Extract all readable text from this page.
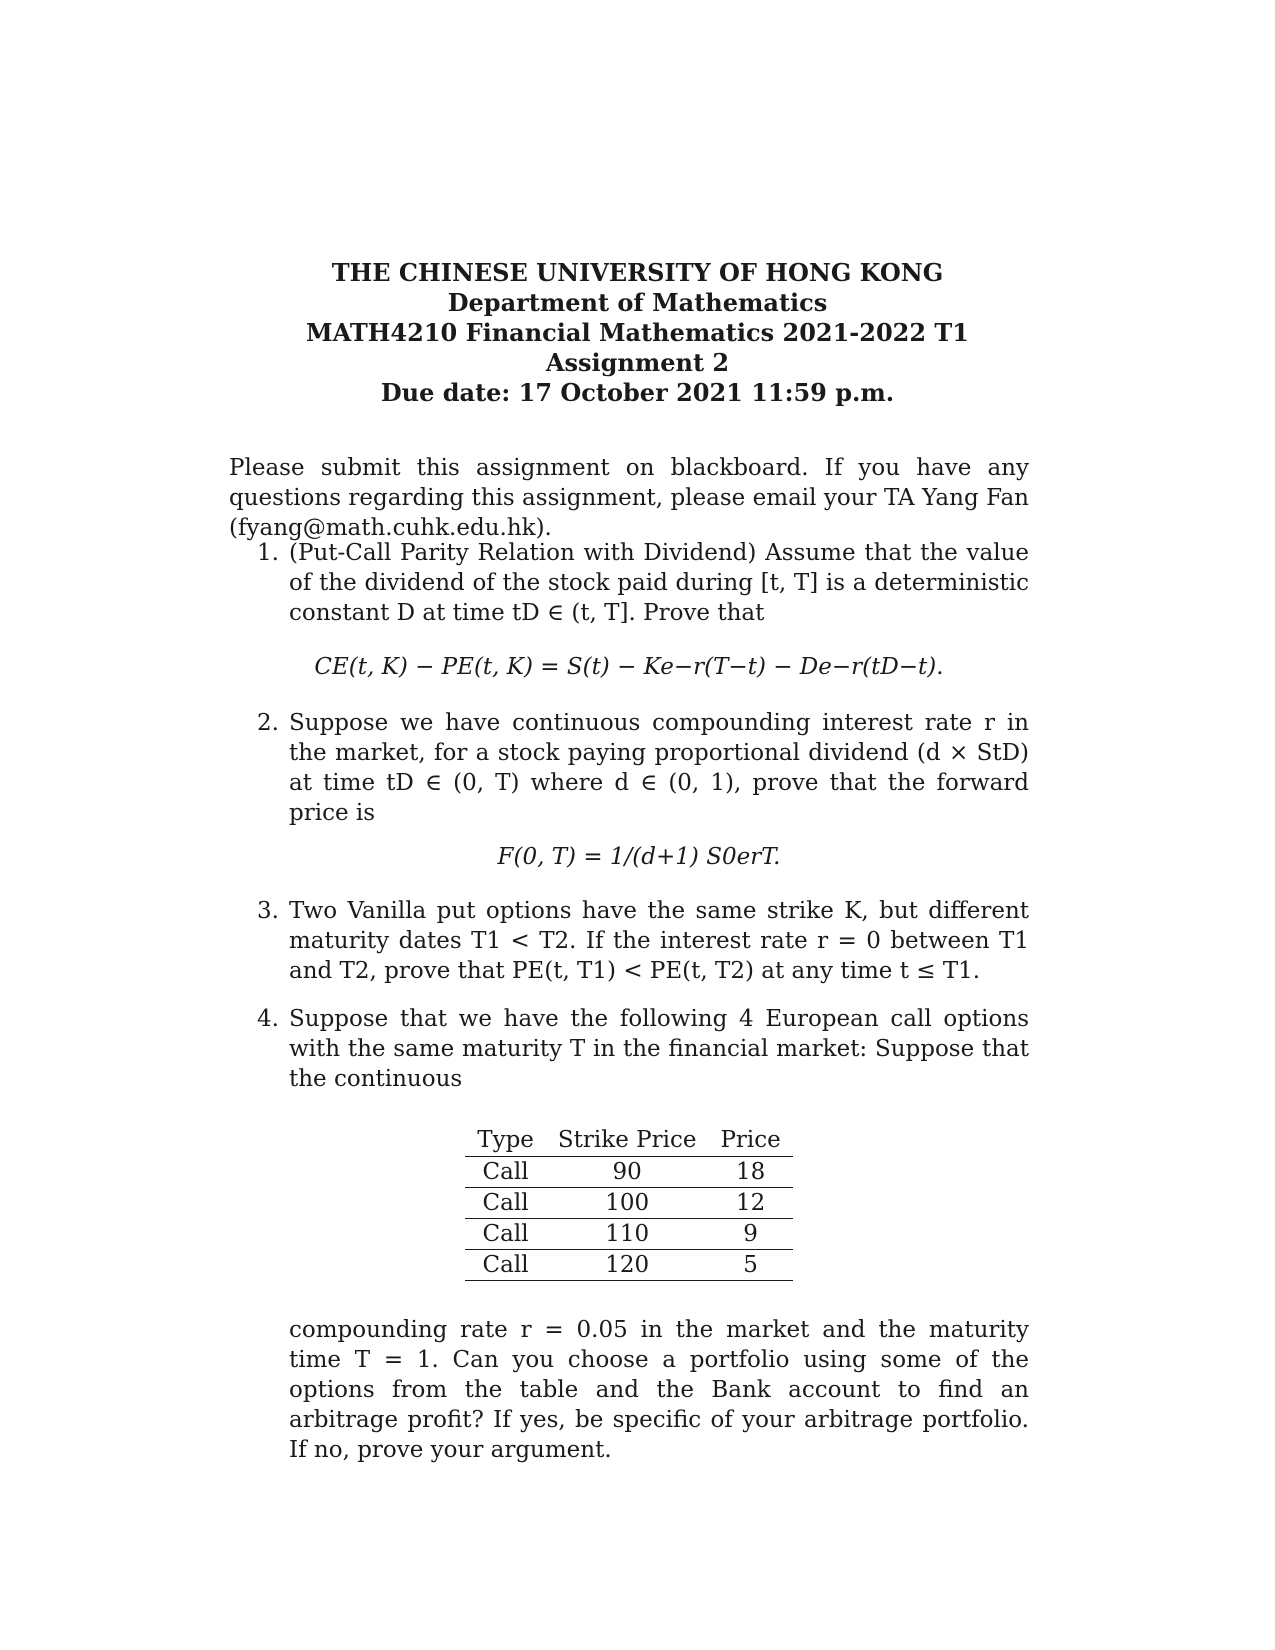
THE CHINESE UNIVERSITY OF HONG KONG
Department of Mathematics
MATH4210 Financial Mathematics 2021-2022 T1
Assignment 2
Due date: 17 October 2021 11:59 p.m.

Please submit this assignment on blackboard. If you have any questions regarding this assignment, please email your TA Yang Fan (fyang@math.cuhk.edu.hk).

1. (Put-Call Parity Relation with Dividend) Assume that the value of the dividend of the stock paid during [t, T] is a deterministic constant D at time tD ∈ (t, T]. Prove that
CE(t, K) − PE(t, K) = S(t) − Ke−r(T−t) − De−r(tD−t).
2. Suppose we have continuous compounding interest rate r in the market, for a stock paying proportional dividend (d × StD) at time tD ∈ (0, T) where d ∈ (0, 1), prove that the forward price is
F(0, T) = 1/(d+1) S0erT.
3. Two Vanilla put options have the same strike K, but different maturity dates T1 < T2. If the interest rate r = 0 between T1 and T2, prove that PE(t, T1) < PE(t, T2) at any time t ≤ T1.
4. Suppose that we have the following 4 European call options with the same maturity T in the financial market: Suppose that the continuous
Type	Strike Price	Price
Call	90	18
Call	100	12
Call	110	9
Call	120	5
compounding rate r = 0.05 in the market and the maturity time T = 1. Can you choose a portfolio using some of the options from the table and the Bank account to find an arbitrage profit? If yes, be specific of your arbitrage portfolio. If no, prove your argument.
